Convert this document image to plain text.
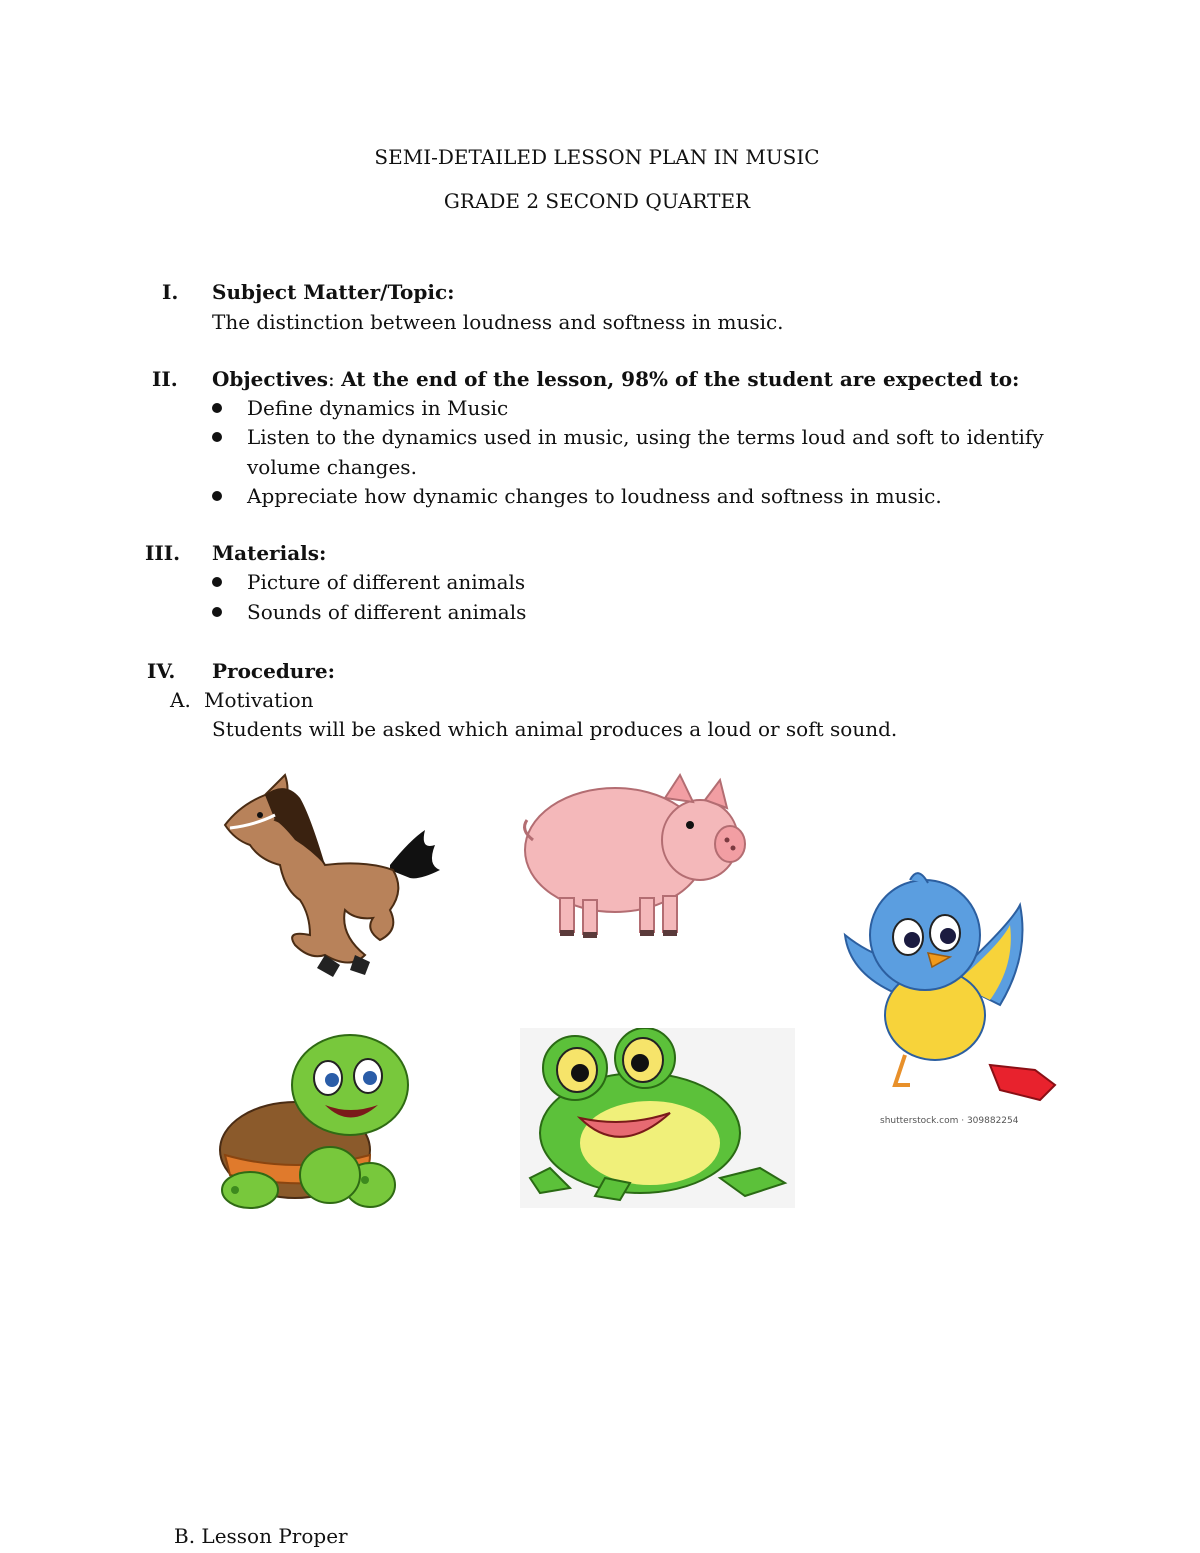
SEMI-DETAILED LESSON PLAN IN MUSIC
GRADE 2 SECOND QUARTER
I. Subject Matter/Topic:
The distinction between loudness and softness in music.
II. Objectives: At the end of the lesson, 98% of the student are expected to:
Define dynamics in Music
Listen to the dynamics used in music, using the terms loud and soft to identify
volume changes.
Appreciate how dynamic changes to loudness and softness in music.
III. Materials:
Picture of different animals
Sounds of different animals
IV. Procedure:
A. Motivation
Students will be asked which animal produces a loud or soft sound.
shutterstock.com · 309882254
B. Lesson Proper
